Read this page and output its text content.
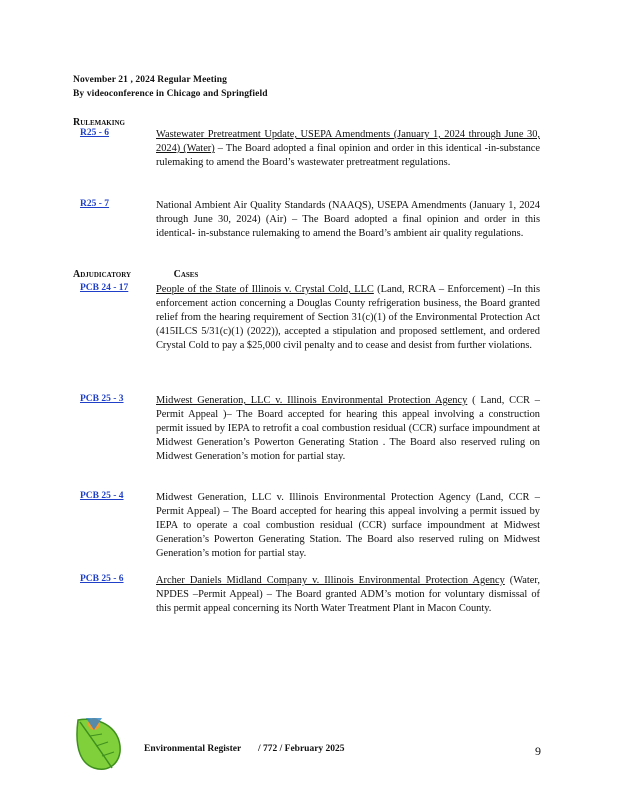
November 21 , 2024 Regular Meeting
By videoconference in Chicago and Springfield
RULEMAKING
R25 - 6	Wastewater Pretreatment Update, USEPA Amendments (January 1, 2024 through June 30, 2024) (Water) – The Board adopted a final opinion and order in this identical -in-substance rulemaking to amend the Board’s wastewater pretreatment regulations.
R25 - 7	National Ambient Air Quality Standards (NAAQS), USEPA Amendments (January 1, 2024 through June 30, 2024) (Air) – The Board adopted a final opinion and order in this identical- in-substance rulemaking to amend the Board’s ambient air quality regulations.
ADJUDICATORY	CASES
PCB 24 - 17	People of the State of Illinois v. Crystal Cold, LLC (Land, RCRA – Enforcement) –In this enforcement action concerning a Douglas County refrigeration business, the Board granted relief from the hearing requirement of Section 31(c)(1) of the Environmental Protection Act (415ILCS 5/31(c)(1) (2022)), accepted a stipulation and proposed settlement, and ordered Crystal Cold to pay a $25,000 civil penalty and to cease and desist from further violations.
PCB 25 - 3	Midwest Generation, LLC v. Illinois Environmental Protection Agency ( Land, CCR –Permit Appeal )– The Board accepted for hearing this appeal involving a construction permit issued by IEPA to retrofit a coal combustion residual (CCR) surface impoundment at Midwest Generation’s Powerton Generating Station . The Board also reserved ruling on Midwest Generation’s motion for partial stay.
PCB 25 - 4	Midwest Generation, LLC v. Illinois Environmental Protection Agency (Land, CCR –Permit Appeal) – The Board accepted for hearing this appeal involving a permit issued by IEPA to operate a coal combustion residual (CCR) surface impoundment at Midwest Generation’s Powerton Generating Station. The Board also reserved ruling on Midwest Generation’s motion for partial stay.
PCB 25 - 6	Archer Daniels Midland Company v. Illinois Environmental Protection Agency (Water, NPDES –Permit Appeal) – The Board granted ADM’s motion for voluntary dismissal of this permit appeal concerning its North Water Treatment Plant in Macon County.
Environmental Register / 772 / February 2025	9
